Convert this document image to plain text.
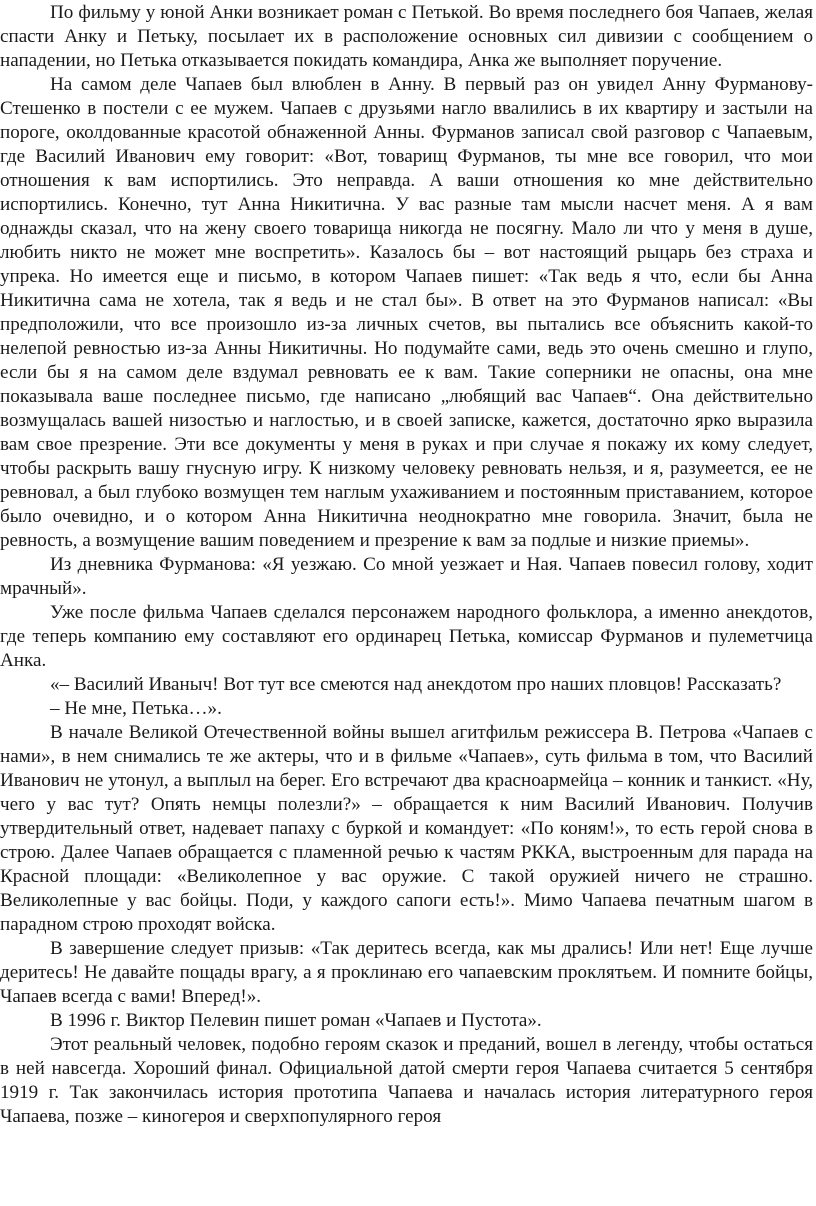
По фильму у юной Анки возникает роман с Петькой. Во время последнего боя Чапаев, желая спасти Анку и Петьку, посылает их в расположение основных сил дивизии с сообщением о нападении, но Петька отказывается покидать командира, Анка же выполняет поручение.

На самом деле Чапаев был влюблен в Анну. В первый раз он увидел Анну Фурманову-Стешенко в постели с ее мужем. Чапаев с друзьями нагло ввалились в их квартиру и застыли на пороге, околдованные красотой обнаженной Анны. Фурманов записал свой разговор с Чапаевым, где Василий Иванович ему говорит: «Вот, товарищ Фурманов, ты мне все говорил, что мои отношения к вам испортились. Это неправда. А ваши отношения ко мне действительно испортились. Конечно, тут Анна Никитична. У вас разные там мысли насчет меня. А я вам однажды сказал, что на жену своего товарища никогда не посягну. Мало ли что у меня в душе, любить никто не может мне воспретить». Казалось бы – вот настоящий рыцарь без страха и упрека. Но имеется еще и письмо, в котором Чапаев пишет: «Так ведь я что, если бы Анна Никитична сама не хотела, так я ведь и не стал бы». В ответ на это Фурманов написал: «Вы предположили, что все произошло из-за личных счетов, вы пытались все объяснить какой-то нелепой ревностью из-за Анны Никитичны. Но подумайте сами, ведь это очень смешно и глупо, если бы я на самом деле вздумал ревновать ее к вам. Такие соперники не опасны, она мне показывала ваше последнее письмо, где написано „любящий вас Чапаев“. Она действительно возмущалась вашей низостью и наглостью, и в своей записке, кажется, достаточно ярко выразила вам свое презрение. Эти все документы у меня в руках и при случае я покажу их кому следует, чтобы раскрыть вашу гнусную игру. К низкому человеку ревновать нельзя, и я, разумеется, ее не ревновал, а был глубоко возмущен тем наглым ухаживанием и постоянным приставанием, которое было очевидно, и о котором Анна Никитична неоднократно мне говорила. Значит, была не ревность, а возмущение вашим поведением и презрение к вам за подлые и низкие приемы».

Из дневника Фурманова: «Я уезжаю. Со мной уезжает и Ная. Чапаев повесил голову, ходит мрачный».

Уже после фильма Чапаев сделался персонажем народного фольклора, а именно анекдотов, где теперь компанию ему составляют его ординарец Петька, комиссар Фурманов и пулеметчица Анка.

«– Василий Иваныч! Вот тут все смеются над анекдотом про наших пловцов! Рассказать?

– Не мне, Петька…».

В начале Великой Отечественной войны вышел агитфильм режиссера В. Петрова «Чапаев с нами», в нем снимались те же актеры, что и в фильме «Чапаев», суть фильма в том, что Василий Иванович не утонул, а выплыл на берег. Его встречают два красноармейца – конник и танкист. «Ну, чего у вас тут? Опять немцы полезли?» – обращается к ним Василий Иванович. Получив утвердительный ответ, надевает папаху с буркой и командует: «По коням!», то есть герой снова в строю. Далее Чапаев обращается с пламенной речью к частям РККА, выстроенным для парада на Красной площади: «Великолепное у вас оружие. С такой оружией ничего не страшно. Великолепные у вас бойцы. Поди, у каждого сапоги есть!». Мимо Чапаева печатным шагом в парадном строю проходят войска.

В завершение следует призыв: «Так деритесь всегда, как мы дрались! Или нет! Еще лучше деритесь! Не давайте пощады врагу, а я проклинаю его чапаевским проклятьем. И помните бойцы, Чапаев всегда с вами! Вперед!».

В 1996 г. Виктор Пелевин пишет роман «Чапаев и Пустота».

Этот реальный человек, подобно героям сказок и преданий, вошел в легенду, чтобы остаться в ней навсегда. Хороший финал. Официальной датой смерти героя Чапаева считается 5 сентября 1919 г. Так закончилась история прототипа Чапаева и началась история литературного героя Чапаева, позже – киногероя и сверхпопулярного героя
